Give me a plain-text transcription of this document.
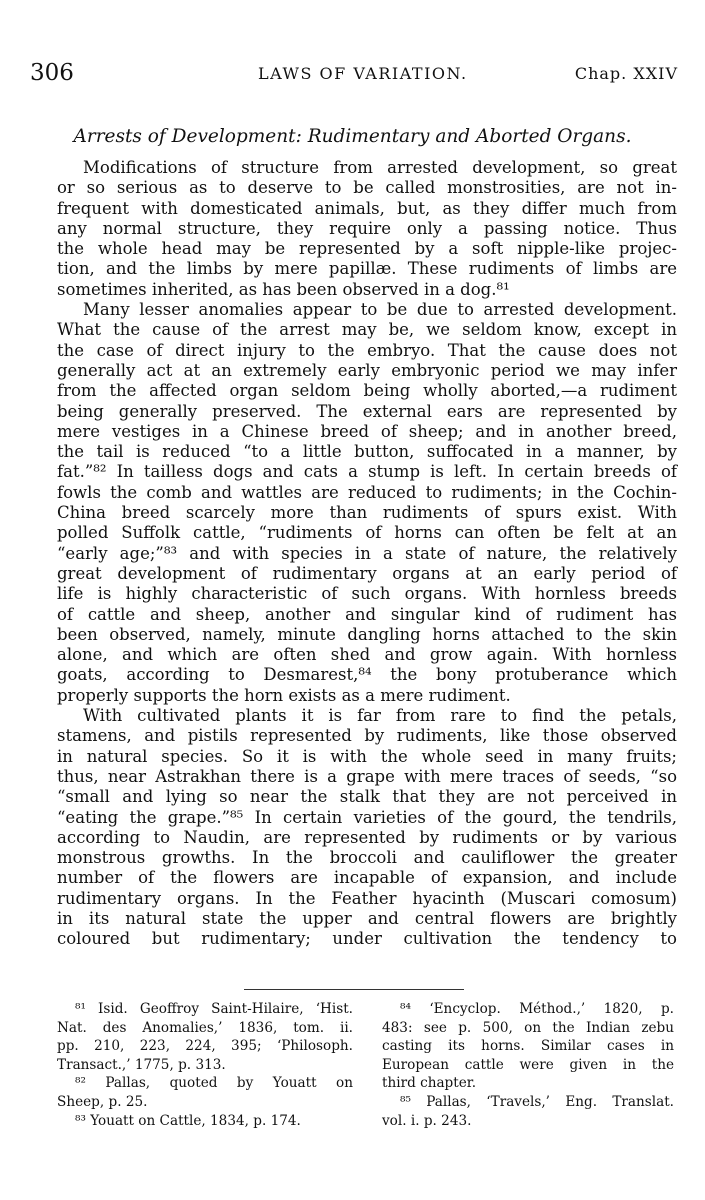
306	LAWS OF VARIATION.	Chap. XXIV
Arrests of Development: Rudimentary and Aborted Organs.
Modifications of structure from arrested development, so great
or so serious as to deserve to be called monstrosities, are not in-
frequent with domesticated animals, but, as they differ much from
any normal structure, they require only a passing notice. Thus
the whole head may be represented by a soft nipple-like projec-
tion, and the limbs by mere papillæ. These rudiments of limbs are
sometimes inherited, as has been observed in a dog.⁸¹
Many lesser anomalies appear to be due to arrested development.
What the cause of the arrest may be, we seldom know, except in
the case of direct injury to the embryo. That the cause does not
generally act at an extremely early embryonic period we may infer
from the affected organ seldom being wholly aborted,—a rudiment
being generally preserved. The external ears are represented by
mere vestiges in a Chinese breed of sheep; and in another breed,
the tail is reduced “to a little button, suffocated in a manner, by
fat.”⁸² In tailless dogs and cats a stump is left. In certain breeds of
fowls the comb and wattles are reduced to rudiments; in the Cochin-
China breed scarcely more than rudiments of spurs exist. With
polled Suffolk cattle, “rudiments of horns can often be felt at an
“early age;”⁸³ and with species in a state of nature, the relatively
great development of rudimentary organs at an early period of
life is highly characteristic of such organs. With hornless breeds
of cattle and sheep, another and singular kind of rudiment has
been observed, namely, minute dangling horns attached to the skin
alone, and which are often shed and grow again. With hornless
goats, according to Desmarest,⁸⁴ the bony protuberance which
properly supports the horn exists as a mere rudiment.
With cultivated plants it is far from rare to find the petals,
stamens, and pistils represented by rudiments, like those observed
in natural species. So it is with the whole seed in many fruits;
thus, near Astrakhan there is a grape with mere traces of seeds, “so
“small and lying so near the stalk that they are not perceived in
“eating the grape.”⁸⁵ In certain varieties of the gourd, the tendrils,
according to Naudin, are represented by rudiments or by various
monstrous growths. In the broccoli and cauliflower the greater
number of the flowers are incapable of expansion, and include
rudimentary organs. In the Feather hyacinth (Muscari comosum)
in its natural state the upper and central flowers are brightly
coloured but rudimentary; under cultivation the tendency to
⁸¹ Isid. Geoffroy Saint-Hilaire, ‘Hist.
Nat. des Anomalies,’ 1836, tom. ii.
pp. 210, 223, 224, 395; ‘Philosoph.
Transact.,’ 1775, p. 313.
⁸² Pallas, quoted by Youatt on
Sheep, p. 25.
⁸³ Youatt on Cattle, 1834, p. 174.
⁸⁴ ‘Encyclop. Méthod.,’ 1820, p.
483: see p. 500, on the Indian zebu
casting its horns. Similar cases in
European cattle were given in the
third chapter.
⁸⁵ Pallas, ‘Travels,’ Eng. Translat.
vol. i. p. 243.
